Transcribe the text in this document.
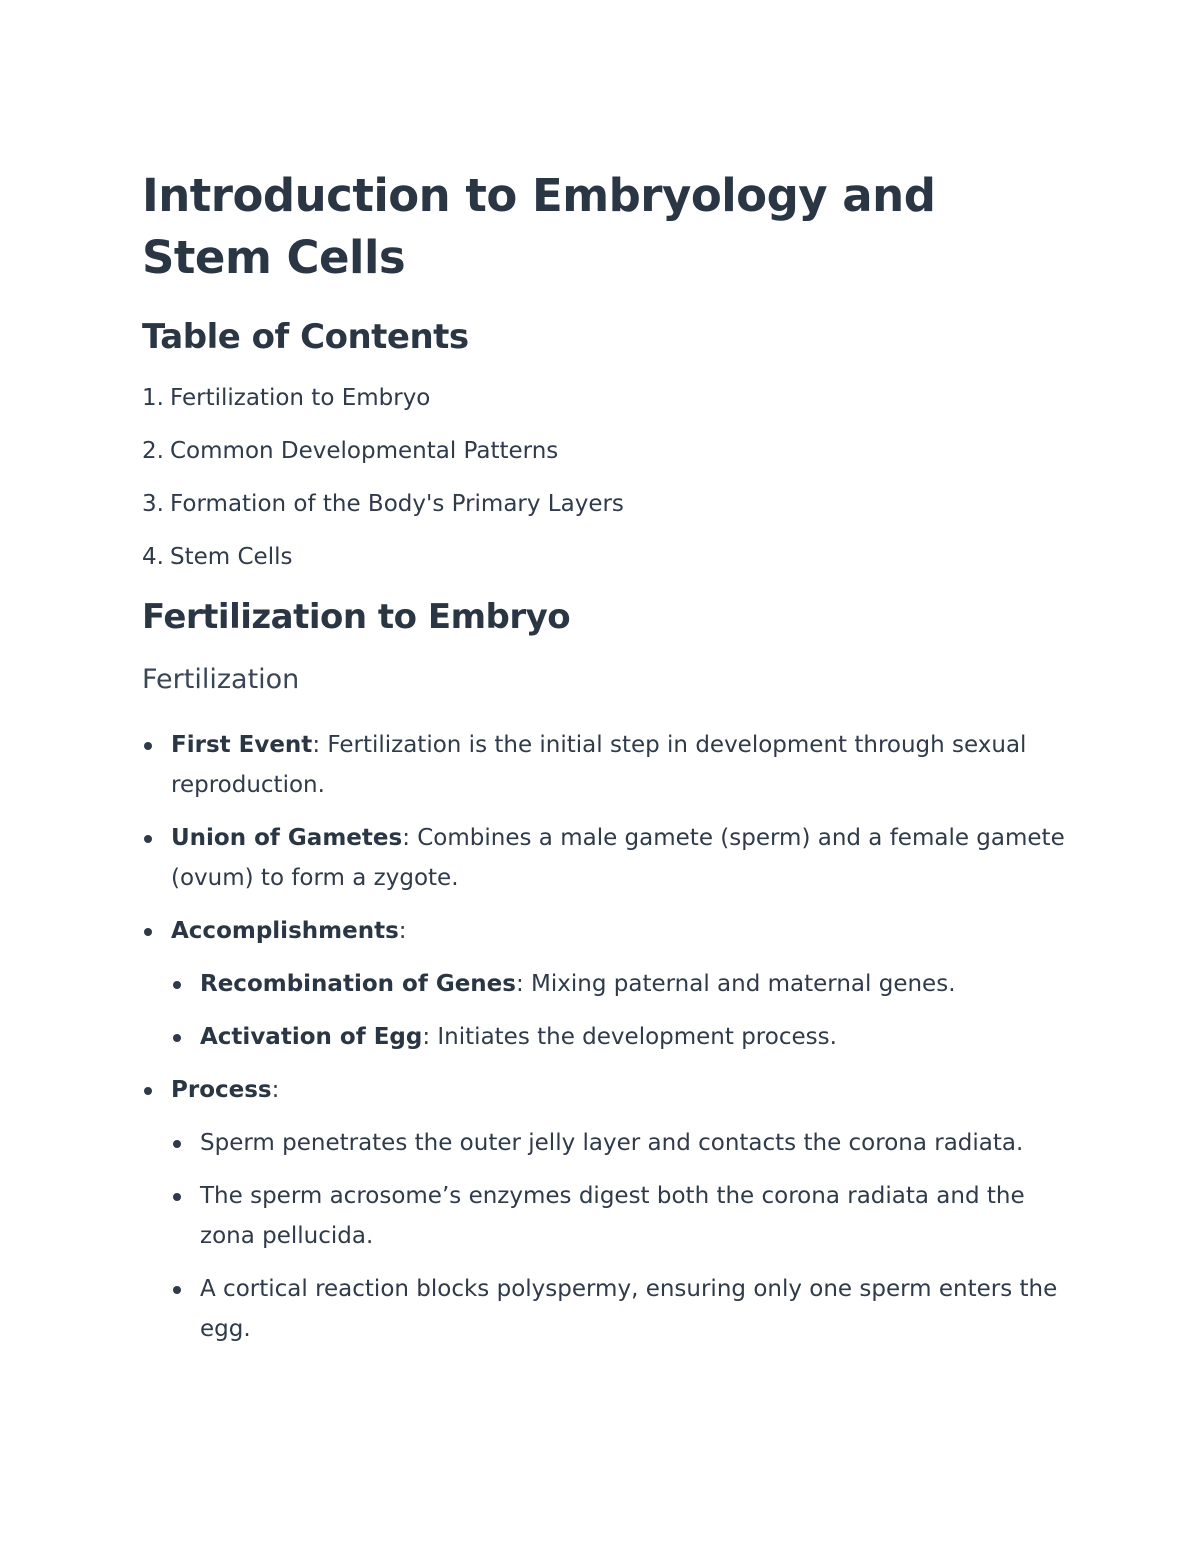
Introduction to Embryology and Stem Cells
Table of Contents
1. Fertilization to Embryo
2. Common Developmental Patterns
3. Formation of the Body's Primary Layers
4. Stem Cells
Fertilization to Embryo
Fertilization
First Event: Fertilization is the initial step in development through sexual reproduction.
Union of Gametes: Combines a male gamete (sperm) and a female gamete (ovum) to form a zygote.
Accomplishments:
Recombination of Genes: Mixing paternal and maternal genes.
Activation of Egg: Initiates the development process.
Process:
Sperm penetrates the outer jelly layer and contacts the corona radiata.
The sperm acrosome’s enzymes digest both the corona radiata and the zona pellucida.
A cortical reaction blocks polyspermy, ensuring only one sperm enters the egg.
